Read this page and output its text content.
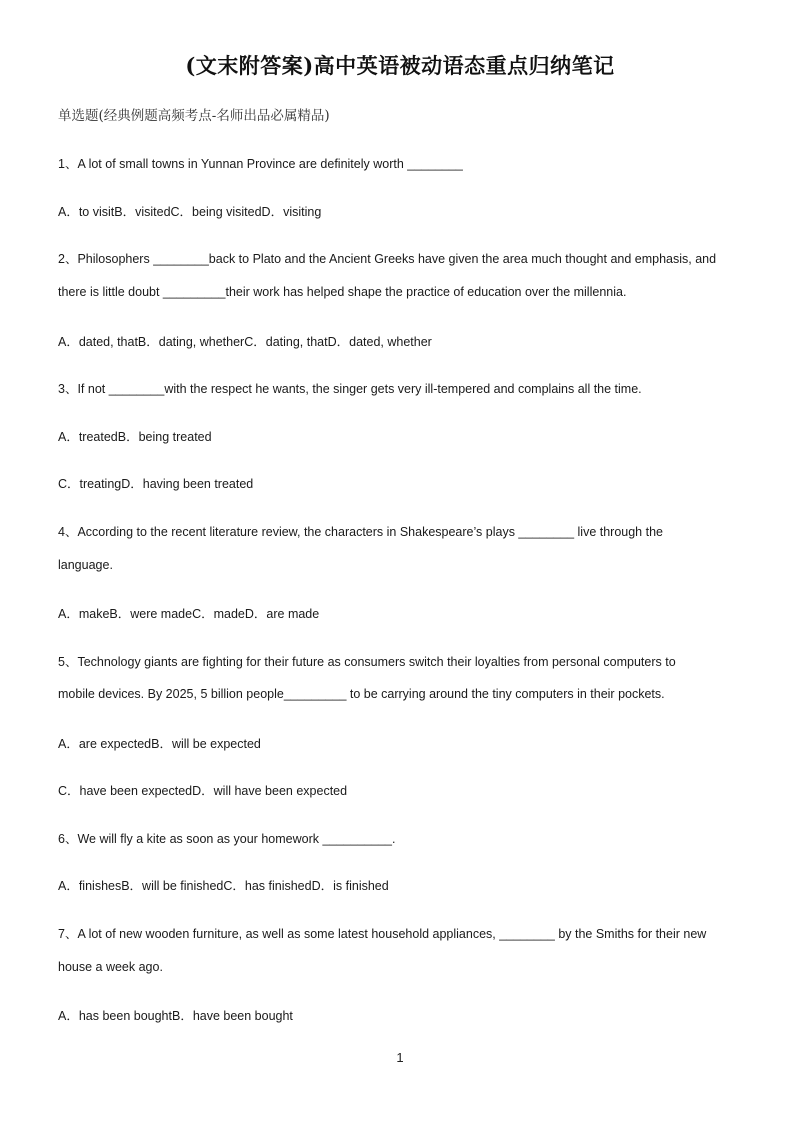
(文末附答案)高中英语被动语态重点归纳笔记
单选题(经典例题高频考点-名师出品必属精品)
1、A lot of small towns in Yunnan Province are definitely worth ________
A．to visitB．visitedC．being visitedD．visiting
2、Philosophers ________back to Plato and the Ancient Greeks have given the area much thought and emphasis, and
there is little doubt _________their work has helped shape the practice of education over the millennia.
A．dated, thatB．dating, whetherC．dating, thatD．dated, whether
3、If not ________with the respect he wants, the singer gets very ill-tempered and complains all the time.
A．treatedB．being treated
C．treatingD．having been treated
4、According to the recent literature review, the characters in Shakespeare’s plays ________ live through the
language.
A．makeB．were madeC．madeD．are made
5、Technology giants are fighting for their future as consumers switch their loyalties from personal computers to
mobile devices. By 2025, 5 billion people_________ to be carrying around the tiny computers in their pockets.
A．are expectedB．will be expected
C．have been expectedD．will have been expected
6、We will fly a kite as soon as your homework __________.
A．finishesB．will be finishedC．has finishedD．is finished
7、A lot of new wooden furniture, as well as some latest household appliances, ________ by the Smiths for their new
house a week ago.
A．has been boughtB．have been bought
1
